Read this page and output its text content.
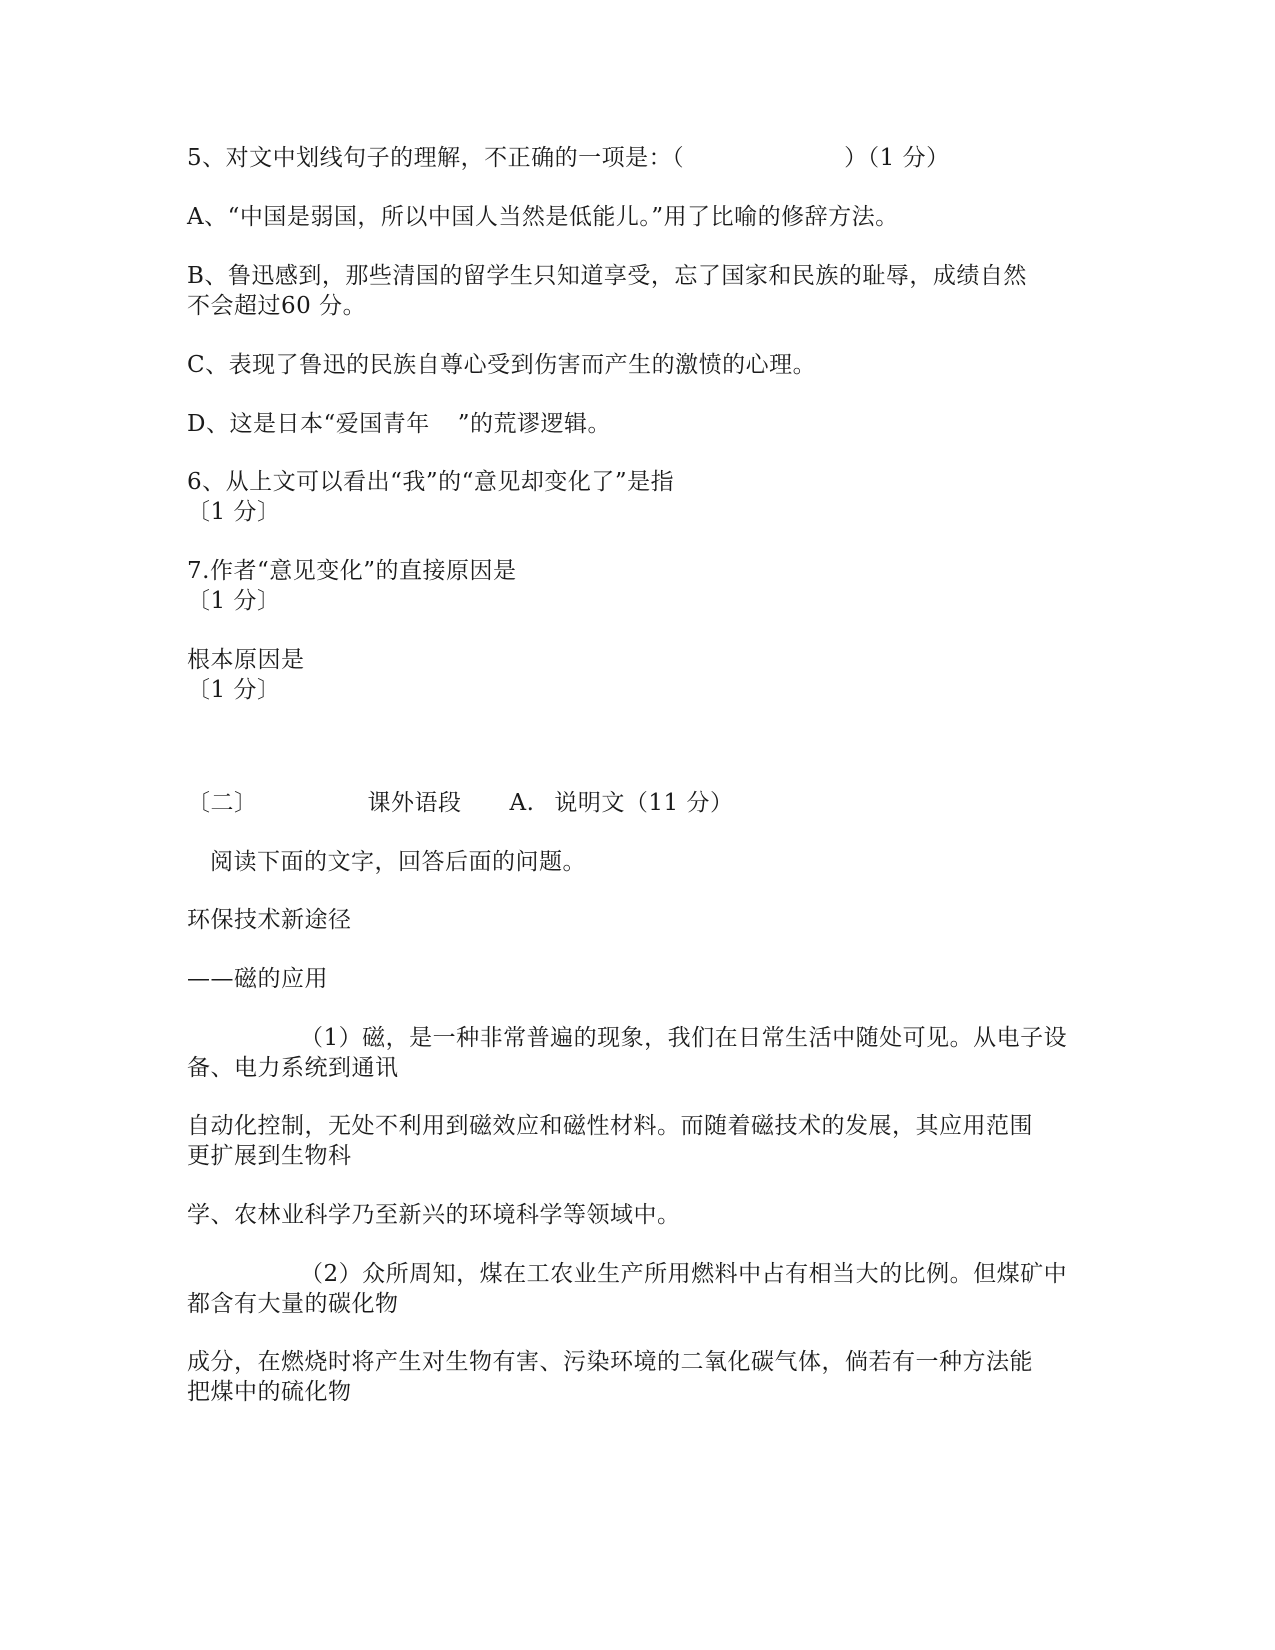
5、对文中划线句子的理解，不正确的一项是：（	）（1 分）
A、“中国是弱国，所以中国人当然是低能儿。”用了比喻的修辞方法。
B、鲁迅感到，那些清国的留学生只知道享受，忘了国家和民族的耻辱，成绩自然
不会超过60 分。
C、表现了鲁迅的民族自尊心受到伤害而产生的激愤的心理。
D、这是日本“爱国青年 ”的荒谬逻辑。
6、从上文可以看出“我”的“意见却变化了”是指
〔1 分〕
7.作者“意见变化”的直接原因是
〔1 分〕
根本原因是
〔1 分〕
〔二〕	课外语段 A. 说明文（11 分）
阅读下面的文字，回答后面的问题。
环保技术新途径
——磁的应用
（1）磁，是一种非常普遍的现象，我们在日常生活中随处可见。从电子设
备、电力系统到通讯
自动化控制，无处不利用到磁效应和磁性材料。而随着磁技术的发展，其应用范围
更扩展到生物科
学、农林业科学乃至新兴的环境科学等领域中。
（2）众所周知，煤在工农业生产所用燃料中占有相当大的比例。但煤矿中
都含有大量的碳化物
成分，在燃烧时将产生对生物有害、污染环境的二氧化碳气体，倘若有一种方法能
把煤中的硫化物
